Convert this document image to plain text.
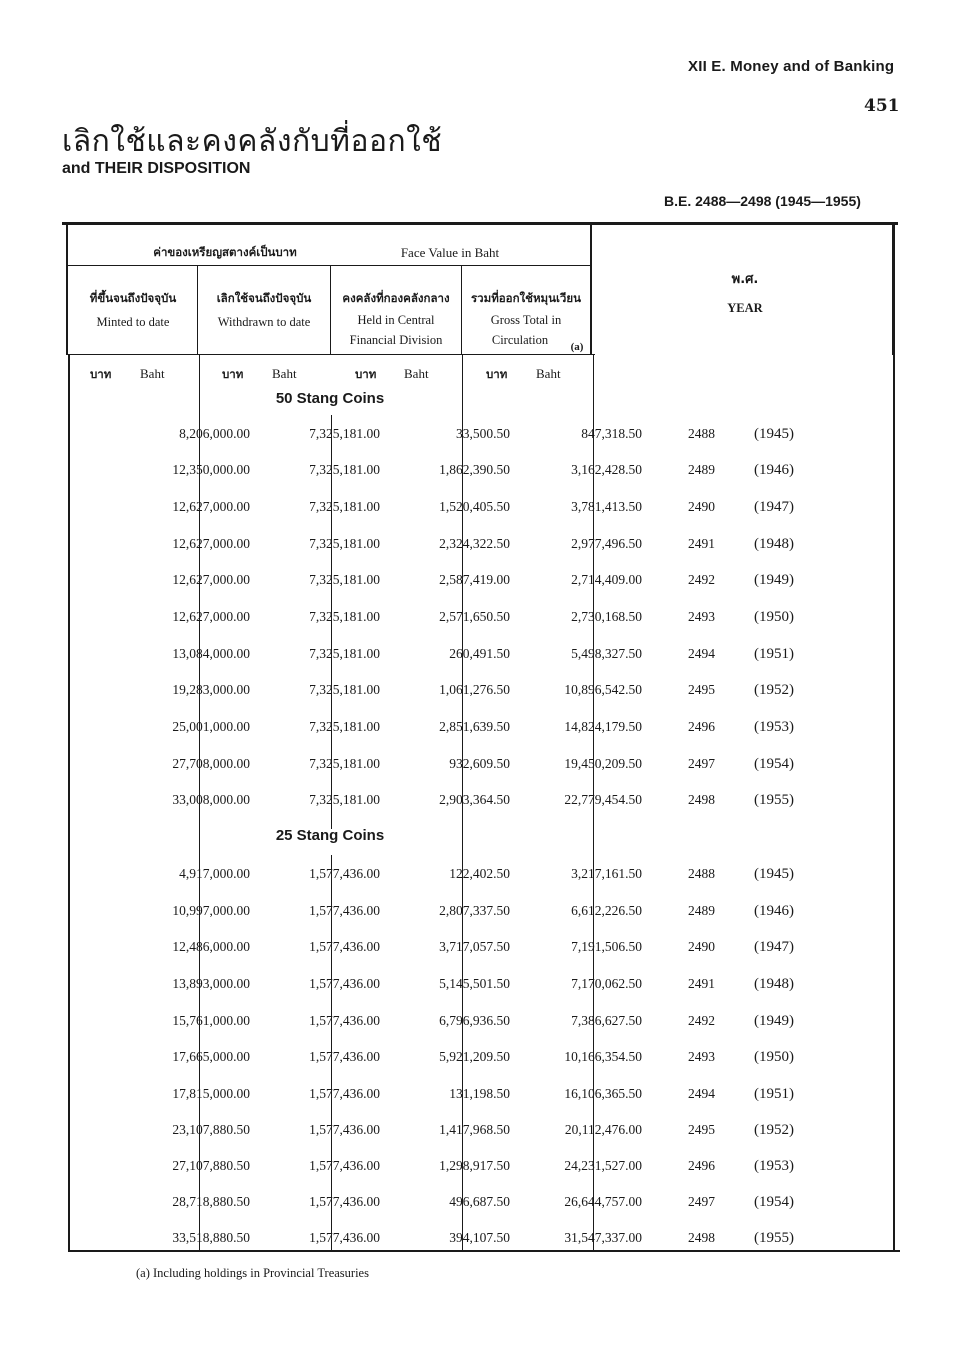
XII E. Money and of Banking
451
เลิกใช้และคงคลังกับที่ออกใช้
and THEIR DISPOSITION
B.E. 2488—2498 (1945—1955)
ค่าของเหรียญสตางค์เป็นบาท	Face Value in Baht
ที่ขึ้นจนถึงปัจจุบัน
Minted to date
เลิกใช้จนถึงปัจจุบัน
Withdrawn to date
คงคลังที่กองคลังกลาง
Held in Central
Financial Division
รวมที่ออกใช้หมุนเวียน
Gross Total in
Circulation	(a)
พ.ศ.
YEAR
บาท Baht	บาท Baht	บาท Baht	บาท Baht
50 Stang Coins
25 Stang Coins
8,206,000.00	7,325,181.00	33,500.50	847,318.50	2488	(1945)
12,350,000.00	7,325,181.00	1,862,390.50	3,162,428.50	2489	(1946)
12,627,000.00	7,325,181.00	1,520,405.50	3,781,413.50	2490	(1947)
12,627,000.00	7,325,181.00	2,324,322.50	2,977,496.50	2491	(1948)
12,627,000.00	7,325,181.00	2,587,419.00	2,714,409.00	2492	(1949)
12,627,000.00	7,325,181.00	2,571,650.50	2,730,168.50	2493	(1950)
13,084,000.00	7,325,181.00	260,491.50	5,498,327.50	2494	(1951)
19,283,000.00	7,325,181.00	1,061,276.50	10,896,542.50	2495	(1952)
25,001,000.00	7,325,181.00	2,851,639.50	14,824,179.50	2496	(1953)
27,708,000.00	7,325,181.00	932,609.50	19,450,209.50	2497	(1954)
33,008,000.00	7,325,181.00	2,903,364.50	22,779,454.50	2498	(1955)
4,917,000.00	1,577,436.00	122,402.50	3,217,161.50	2488	(1945)
10,997,000.00	1,577,436.00	2,807,337.50	6,612,226.50	2489	(1946)
12,486,000.00	1,577,436.00	3,717,057.50	7,191,506.50	2490	(1947)
13,893,000.00	1,577,436.00	5,145,501.50	7,170,062.50	2491	(1948)
15,761,000.00	1,577,436.00	6,796,936.50	7,386,627.50	2492	(1949)
17,665,000.00	1,577,436.00	5,921,209.50	10,166,354.50	2493	(1950)
17,815,000.00	1,577,436.00	131,198.50	16,106,365.50	2494	(1951)
23,107,880.50	1,577,436.00	1,417,968.50	20,112,476.00	2495	(1952)
27,107,880.50	1,577,436.00	1,298,917.50	24,231,527.00	2496	(1953)
28,718,880.50	1,577,436.00	496,687.50	26,644,757.00	2497	(1954)
33,518,880.50	1,577,436.00	394,107.50	31,547,337.00	2498	(1955)
(a) Including holdings in Provincial Treasuries
